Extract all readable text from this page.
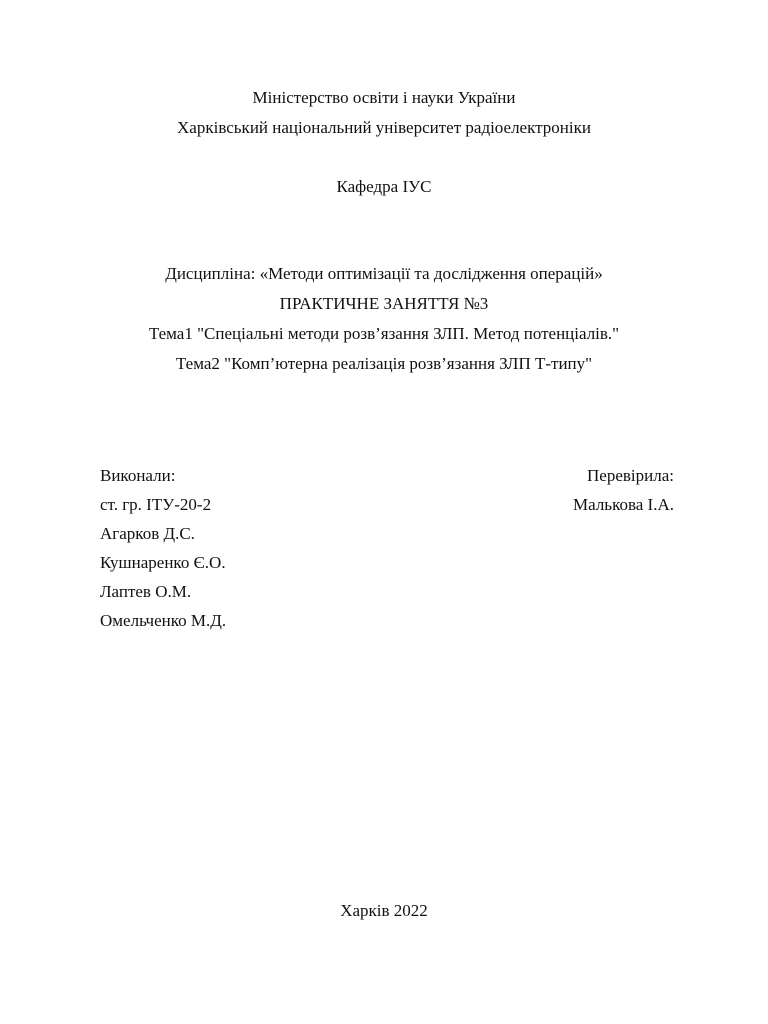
Міністерство освіти і науки України
Харківський національний університет радіоелектроніки
Кафедра ІУС
Дисципліна: «Методи оптимізації та дослідження операцій»
ПРАКТИЧНЕ ЗАНЯТТЯ №3
Тема1 "Спеціальні методи розв’язання ЗЛП. Метод потенціалів."
Тема2 "Комп’ютерна реалізація розв’язання ЗЛП Т-типу"
Виконали:
ст. гр. ІТУ-20-2
Агарков Д.С.
Кушнаренко Є.О.
Лаптев О.М.
Омельченко М.Д.
Перевірила:
Малькова І.А.
Харків 2022
